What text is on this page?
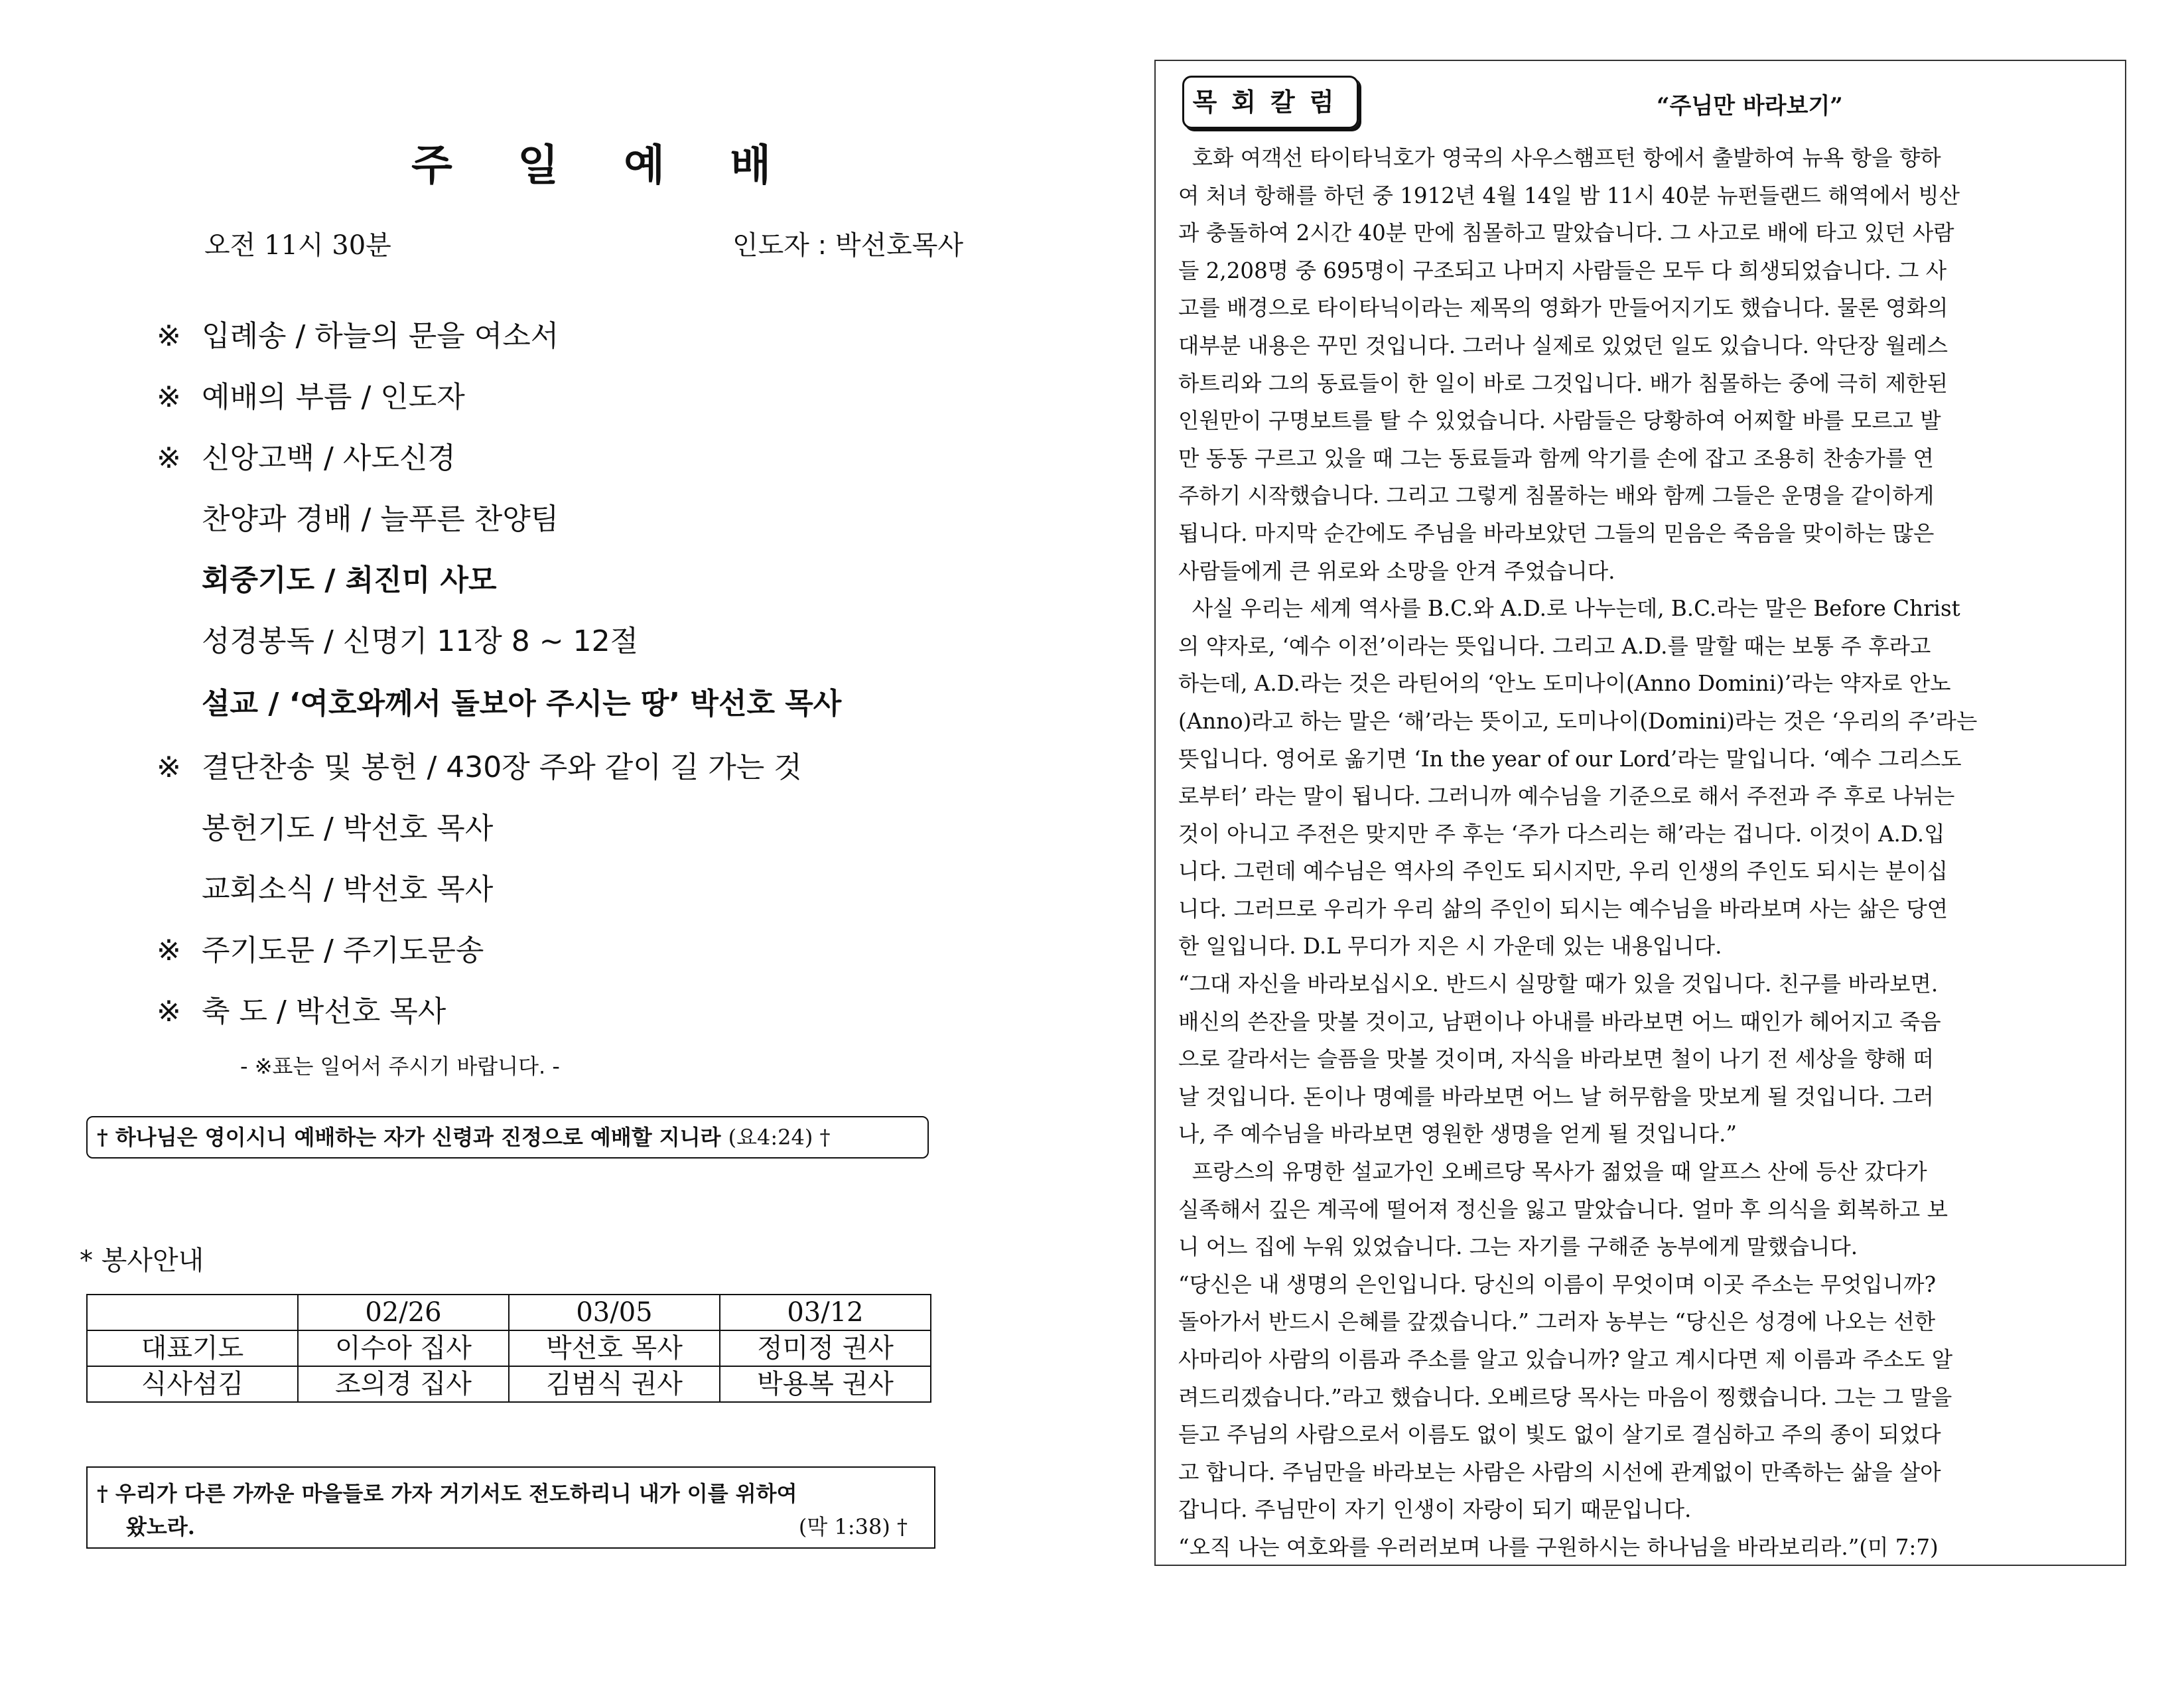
주 일 예 배
오전 11시 30분	인도자 : 박선호목사
※ 입례송 / 하늘의 문을 여소서
※ 예배의 부름 / 인도자
※ 신앙고백 / 사도신경
찬양과 경배 / 늘푸른 찬양팀
회중기도 / 최진미 사모
성경봉독 / 신명기 11장 8 ~ 12절
설교 / ‘여호와께서 돌보아 주시는 땅’ 박선호 목사
※ 결단찬송 및 봉헌 / 430장 주와 같이 길 가는 것
봉헌기도 / 박선호 목사
교회소식 / 박선호 목사
※ 주기도문 / 주기도문송
※ 축 도 / 박선호 목사
- ※표는 일어서 주시기 바랍니다. -
† 하나님은 영이시니 예배하는 자가 신령과 진정으로 예배할 지니라 (요4:24) †
* 봉사안내
	02/26	03/05	03/12
대표기도	이수아 집사	박선호 목사	정미정 권사
식사섬김	조의경 집사	김범식 권사	박용복 권사
† 우리가 다른 가까운 마을들로 가자 거기서도 전도하리니 내가 이를 위하여
왔노라.	(막 1:38) †
목회칼럼	“주님만 바라보기”
호화 여객선 타이타닉호가 영국의 사우스햄프턴 항에서 출발하여 뉴욕 항을 향하
여 처녀 항해를 하던 중 1912년 4월 14일 밤 11시 40분 뉴펀들랜드 해역에서 빙산
과 충돌하여 2시간 40분 만에 침몰하고 말았습니다. 그 사고로 배에 타고 있던 사람
들 2,208명 중 695명이 구조되고 나머지 사람들은 모두 다 희생되었습니다. 그 사
고를 배경으로 타이타닉이라는 제목의 영화가 만들어지기도 했습니다. 물론 영화의
대부분 내용은 꾸민 것입니다. 그러나 실제로 있었던 일도 있습니다. 악단장 월레스
하트리와 그의 동료들이 한 일이 바로 그것입니다. 배가 침몰하는 중에 극히 제한된
인원만이 구명보트를 탈 수 있었습니다. 사람들은 당황하여 어찌할 바를 모르고 발
만 동동 구르고 있을 때 그는 동료들과 함께 악기를 손에 잡고 조용히 찬송가를 연
주하기 시작했습니다. 그리고 그렇게 침몰하는 배와 함께 그들은 운명을 같이하게
됩니다. 마지막 순간에도 주님을 바라보았던 그들의 믿음은 죽음을 맞이하는 많은
사람들에게 큰 위로와 소망을 안겨 주었습니다.
사실 우리는 세계 역사를 B.C.와 A.D.로 나누는데, B.C.라는 말은 Before Christ
의 약자로, ‘예수 이전’이라는 뜻입니다. 그리고 A.D.를 말할 때는 보통 주 후라고
하는데, A.D.라는 것은 라틴어의 ‘안노 도미나이(Anno Domini)’라는 약자로 안노
(Anno)라고 하는 말은 ‘해’라는 뜻이고, 도미나이(Domini)라는 것은 ‘우리의 주’라는
뜻입니다. 영어로 옮기면 ‘In the year of our Lord’라는 말입니다. ‘예수 그리스도
로부터’ 라는 말이 됩니다. 그러니까 예수님을 기준으로 해서 주전과 주 후로 나뉘는
것이 아니고 주전은 맞지만 주 후는 ‘주가 다스리는 해’라는 겁니다. 이것이 A.D.입
니다. 그런데 예수님은 역사의 주인도 되시지만, 우리 인생의 주인도 되시는 분이십
니다. 그러므로 우리가 우리 삶의 주인이 되시는 예수님을 바라보며 사는 삶은 당연
한 일입니다. D.L 무디가 지은 시 가운데 있는 내용입니다.
“그대 자신을 바라보십시오. 반드시 실망할 때가 있을 것입니다. 친구를 바라보면.
배신의 쓴잔을 맛볼 것이고, 남편이나 아내를 바라보면 어느 때인가 헤어지고 죽음
으로 갈라서는 슬픔을 맛볼 것이며, 자식을 바라보면 철이 나기 전 세상을 향해 떠
날 것입니다. 돈이나 명예를 바라보면 어느 날 허무함을 맛보게 될 것입니다. 그러
나, 주 예수님을 바라보면 영원한 생명을 얻게 될 것입니다.”
프랑스의 유명한 설교가인 오베르당 목사가 젊었을 때 알프스 산에 등산 갔다가
실족해서 깊은 계곡에 떨어져 정신을 잃고 말았습니다. 얼마 후 의식을 회복하고 보
니 어느 집에 누워 있었습니다. 그는 자기를 구해준 농부에게 말했습니다.
“당신은 내 생명의 은인입니다. 당신의 이름이 무엇이며 이곳 주소는 무엇입니까?
돌아가서 반드시 은혜를 갚겠습니다.” 그러자 농부는 “당신은 성경에 나오는 선한
사마리아 사람의 이름과 주소를 알고 있습니까? 알고 계시다면 제 이름과 주소도 알
려드리겠습니다.”라고 했습니다. 오베르당 목사는 마음이 찡했습니다. 그는 그 말을
듣고 주님의 사람으로서 이름도 없이 빛도 없이 살기로 결심하고 주의 종이 되었다
고 합니다. 주님만을 바라보는 사람은 사람의 시선에 관계없이 만족하는 삶을 살아
갑니다. 주님만이 자기 인생이 자랑이 되기 때문입니다.
“오직 나는 여호와를 우러러보며 나를 구원하시는 하나님을 바라보리라.”(미 7:7)
